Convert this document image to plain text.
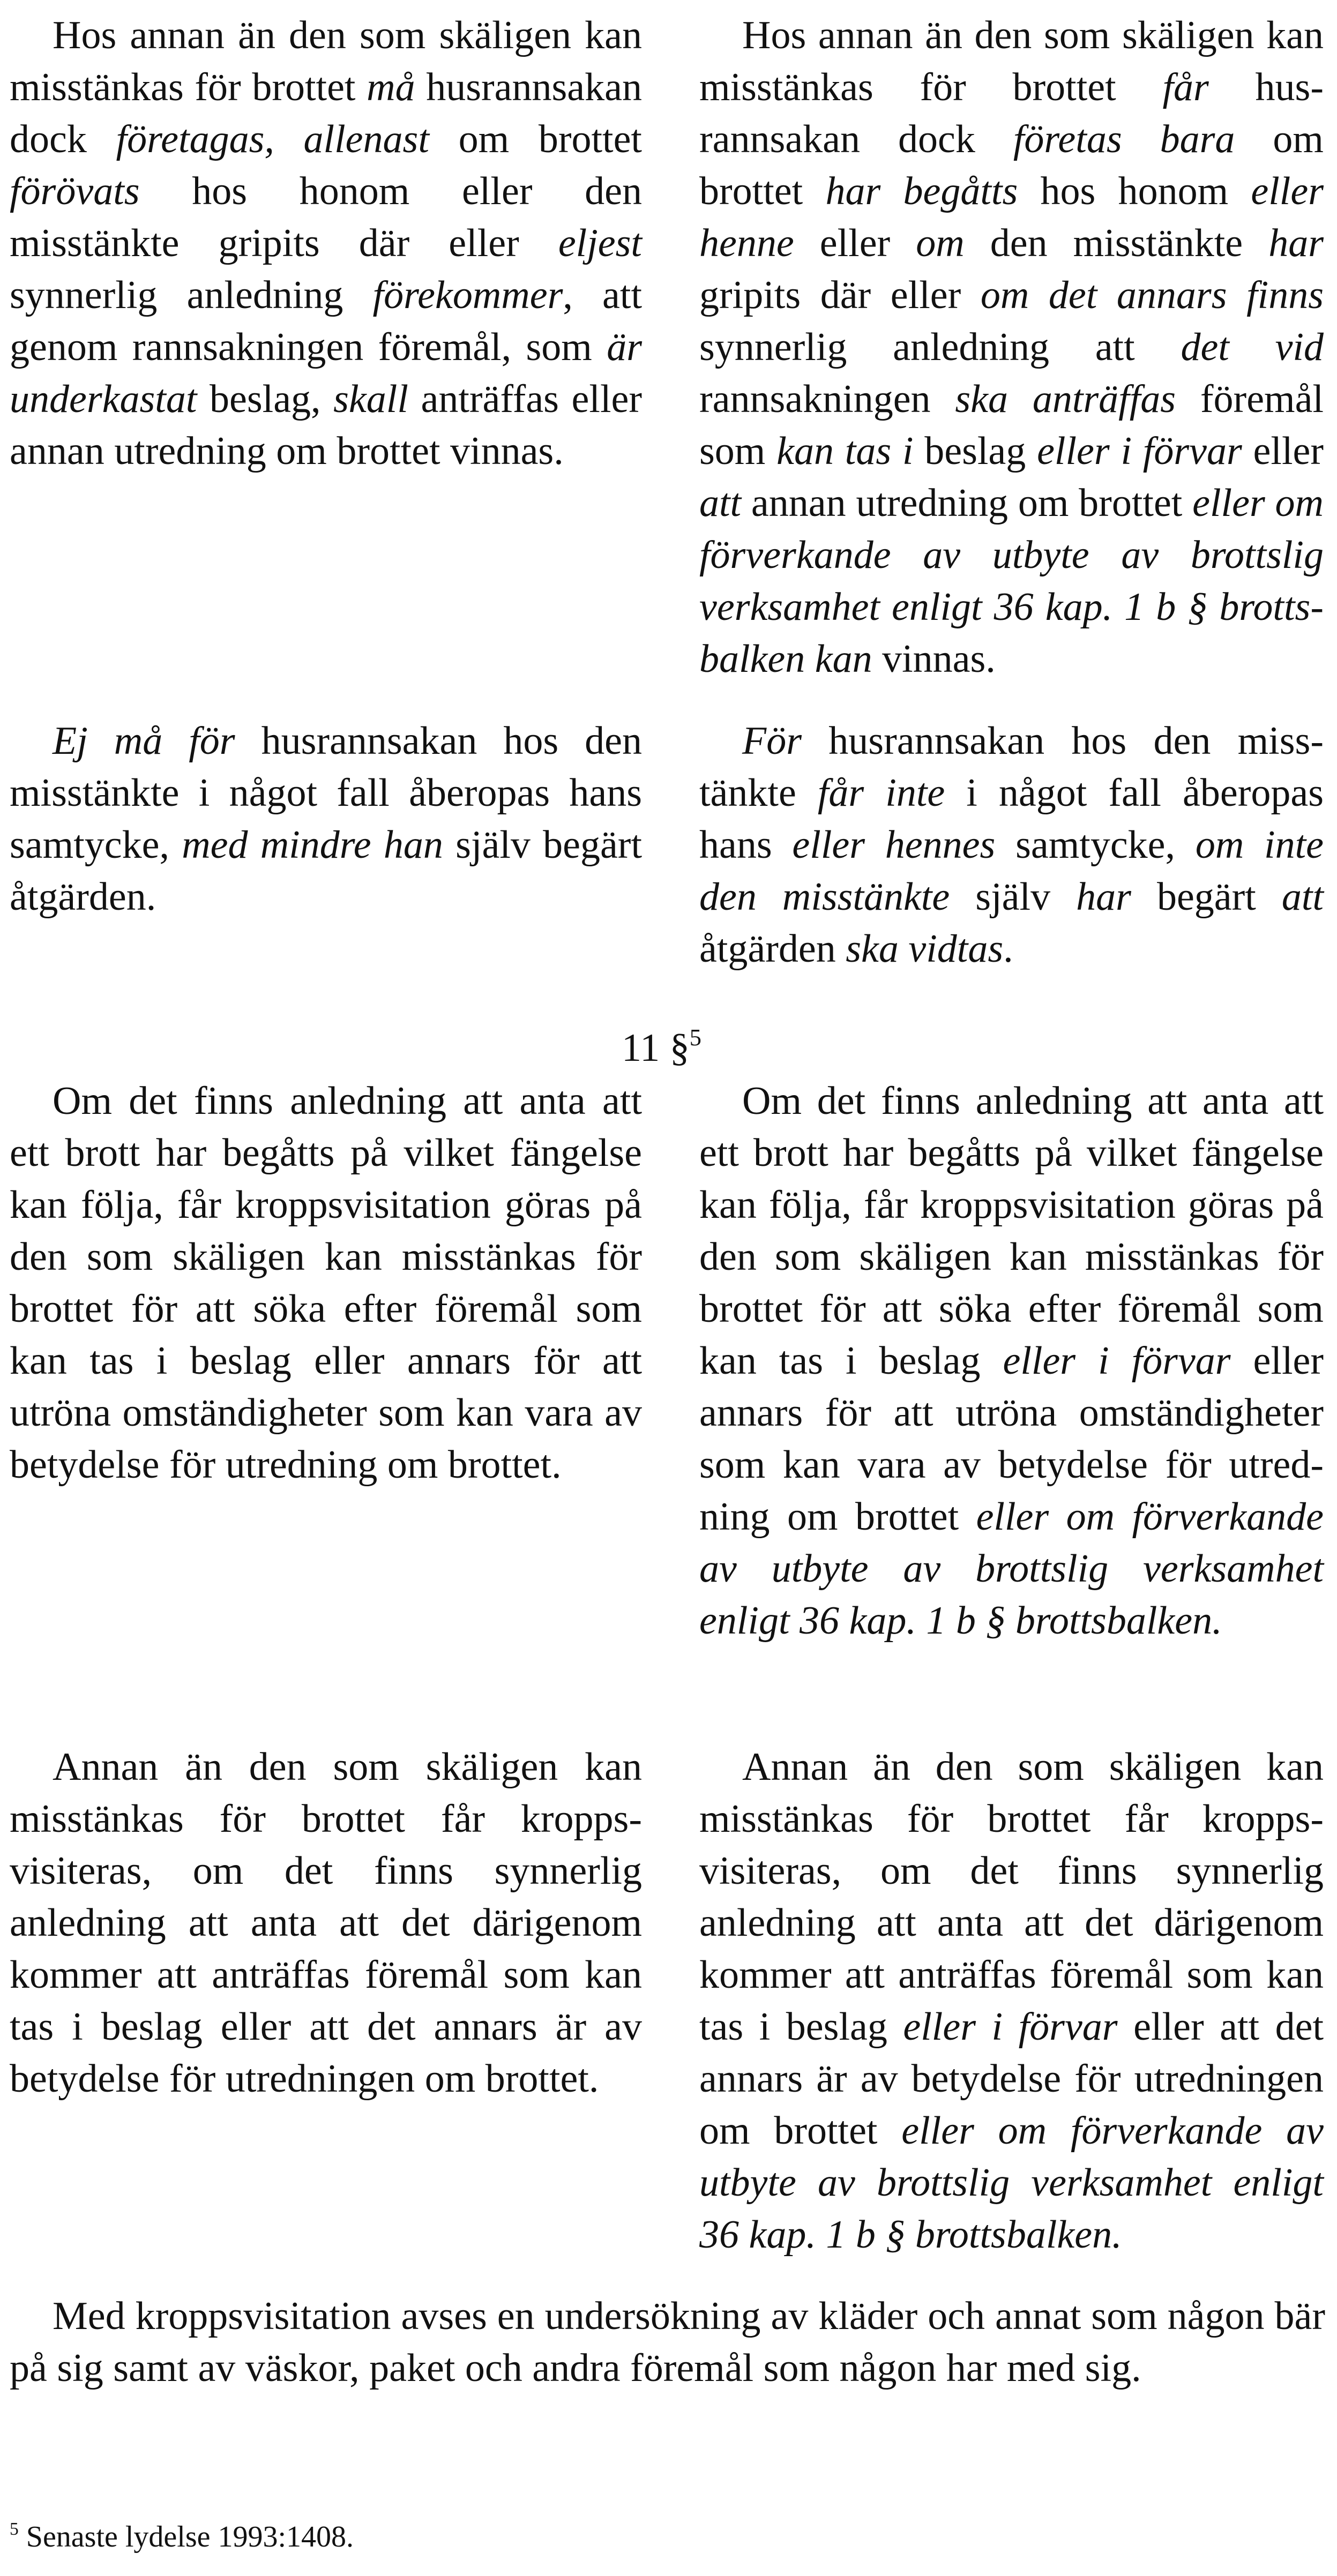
Hos annan än den som skäligen kan misstänkas för brottet må husrannsakan dock företagas, allenast om brottet förövats hos honom eller den misstänkte gripits där eller eljest synnerlig anledning förekommer, att genom rannsakningen föremål, som är underkastat beslag, skall anträffas eller annan utredning om brottet vinnas.

Hos annan än den som skäligen kan misstänkas för brottet får husrannsakan dock företas bara om brottet har begåtts hos honom eller henne eller om den misstänkte har gripits där eller om det annars finns synnerlig anledning att det vid rannsakningen ska anträffas föremål som kan tas i beslag eller i förvar eller att annan utredning om brottet eller om förverkande av utbyte av brottslig verksamhet enligt 36 kap. 1 b § brottsbalken kan vinnas.

Ej må för husrannsakan hos den misstänkte i något fall åberopas hans samtycke, med mindre han själv begärt åtgärden.

För husrannsakan hos den misstänkte får inte i något fall åberopas hans eller hennes samtycke, om inte den misstänkte själv har begärt att åtgärden ska vidtas.

11 §$^5$

Om det finns anledning att anta att ett brott har begåtts på vilket fängelse kan följa, får kroppsvisitation göras på den som skäligen kan misstänkas för brottet för att söka efter föremål som kan tas i beslag eller annars för att utröna omständigheter som kan vara av betydelse för utredning om brottet.

Om det finns anledning att anta att ett brott har begåtts på vilket fängelse kan följa, får kroppsvisitation göras på den som skäligen kan misstänkas för brottet för att söka efter föremål som kan tas i beslag eller i förvar eller annars för att utröna omständigheter som kan vara av betydelse för utredning om brottet eller om förverkande av utbyte av brottslig verksamhet enligt 36 kap. 1 b § brottsbalken.

Annan än den som skäligen kan misstänkas för brottet får kroppsvisiteras, om det finns synnerlig anledning att anta att det därigenom kommer att anträffas föremål som kan tas i beslag eller att det annars är av betydelse för utredningen om brottet.

Annan än den som skäligen kan misstänkas för brottet får kroppsvisiteras, om det finns synnerlig anledning att anta att det därigenom kommer att anträffas föremål som kan tas i beslag eller i förvar eller att det annars är av betydelse för utredningen om brottet eller om förverkande av utbyte av brottslig verksamhet enligt 36 kap. 1 b § brottsbalken.

Med kroppsvisitation avses en undersökning av kläder och annat som någon bär på sig samt av väskor, paket och andra föremål som någon har med sig.

$^5$ Senaste lydelse 1993:1408.
